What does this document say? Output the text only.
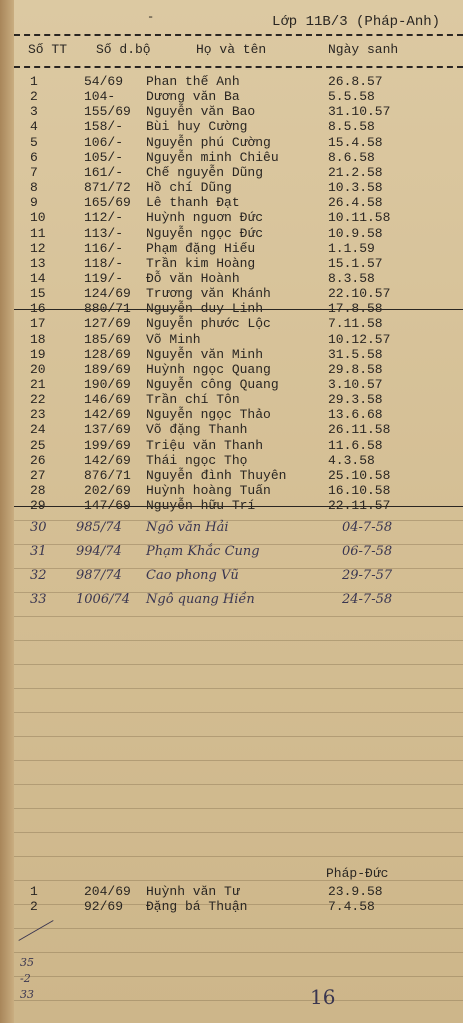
-	Lớp 11B/3 (Pháp-Anh)
Số TT Số d.bộ	Họ và tên	Ngày sanh
1	54/69 Phan thế Anh	26.8.57
2	104- Dương văn Ba	5.5.58
3	155/69 Nguyễn văn Bao	31.10.57
4	158/- Bùi huy Cường	8.5.58
5	106/- Nguyễn phú Cường	15.4.58
6	105/- Nguyễn minh Chiêu	8.6.58
7	161/- Chế nguyễn Dũng	21.2.58
8	871/72 Hồ chí Dũng	10.3.58
9	165/69 Lê thanh Đạt	26.4.58
10	112/- Huỳnh nguơn Đức	10.11.58
11	113/- Nguyễn ngọc Đức	10.9.58
12	116/- Phạm đặng Hiếu	1.1.59
13	118/- Trần kim Hoàng	15.1.57
14	119/- Đỗ văn Hoành	8.3.58
15	124/69 Trương văn Khánh	22.10.57
16	880/71 Nguyễn duy Linh	17.8.58
17	127/69 Nguyễn phước Lộc	7.11.58
18	185/69 Võ Minh	10.12.57
19	128/69 Nguyễn văn Minh	31.5.58
20	189/69 Huỳnh ngọc Quang	29.8.58
21	190/69 Nguyễn công Quang	3.10.57
22	146/69 Trần chí Tôn	29.3.58
23	142/69 Nguyễn ngọc Thảo	13.6.68
24	137/69 Võ đặng Thanh	26.11.58
25	199/69 Triệu văn Thanh	11.6.58
26	142/69 Thái ngọc Thọ	4.3.58
27	876/71 Nguyễn đình Thuyên	25.10.58
28	202/69 Huỳnh hoàng Tuấn	16.10.58
29	147/69 Nguyễn hữu Trí	22.11.57
30 985/74 Ngô văn Hải	04-7-58
31 994/74 Phạm Khắc Cung	06-7-58
32 987/74 Cao phong Vũ	29-7-57
33 1006/74 Ngô quang Hiền	24-7-58
Pháp-Đức
1	204/69 Huỳnh văn Tư	23.9.58
2	92/69 Đặng bá Thuận	7.4.58
35
-2
33	16
